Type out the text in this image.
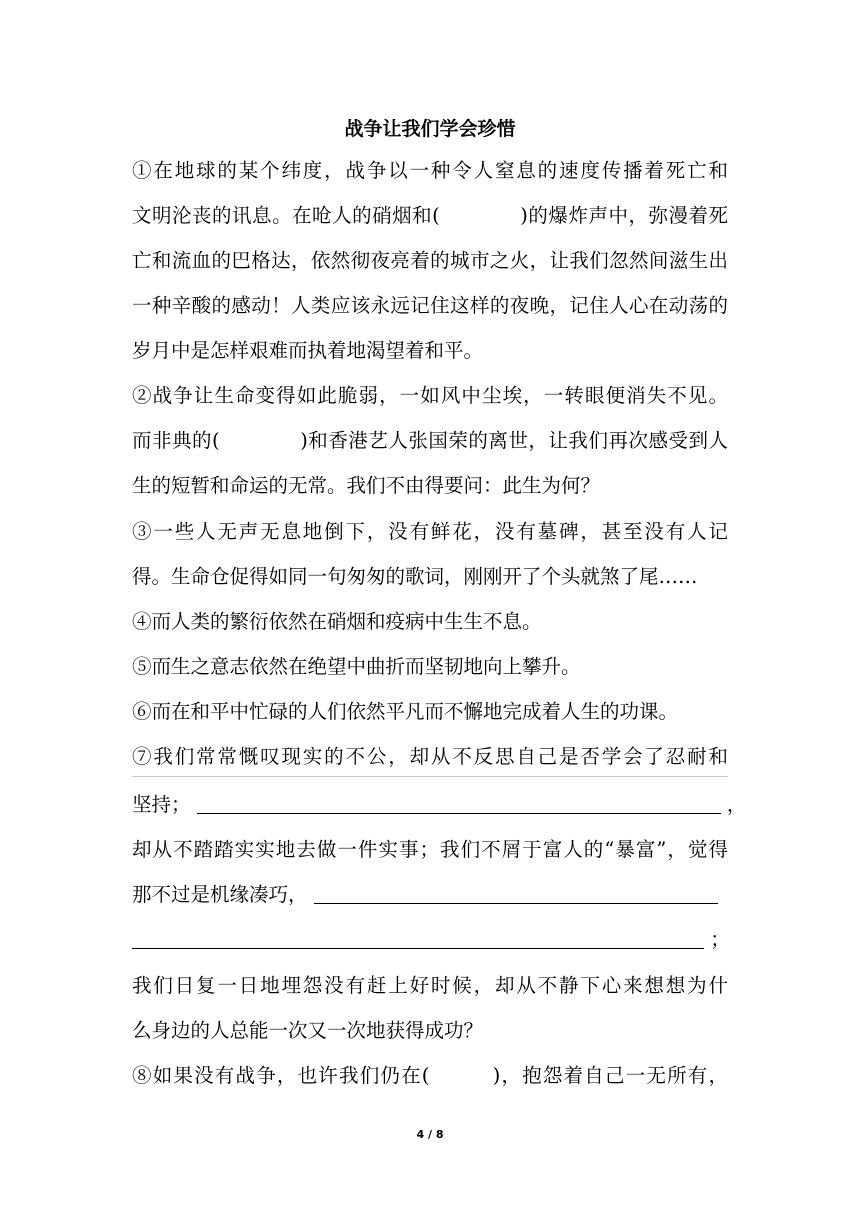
战争让我们学会珍惜
①在地球的某个纬度，战争以一种令人窒息的速度传播着死亡和
文明沦丧的讯息。在呛人的硝烟和(　　　　)的爆炸声中，弥漫着死
亡和流血的巴格达，依然彻夜亮着的城市之火，让我们忽然间滋生出
一种辛酸的感动！人类应该永远记住这样的夜晚，记住人心在动荡的
岁月中是怎样艰难而执着地渴望着和平。
②战争让生命变得如此脆弱，一如风中尘埃，一转眼便消失不见。
而非典的(　　　　)和香港艺人张国荣的离世，让我们再次感受到人
生的短暂和命运的无常。我们不由得要问：此生为何？
③一些人无声无息地倒下，没有鲜花，没有墓碑，甚至没有人记
得。生命仓促得如同一句匆匆的歌词，刚刚开了个头就煞了尾……
④而人类的繁衍依然在硝烟和疫病中生生不息。
⑤而生之意志依然在绝望中曲折而坚韧地向上攀升。
⑥而在和平中忙碌的人们依然平凡而不懈地完成着人生的功课。
⑦我们常常慨叹现实的不公，却从不反思自己是否学会了忍耐和
坚持；	，
却从不踏踏实实地去做一件实事；我们不屑于富人的“暴富”，觉得
那不过是机缘凑巧，
；
我们日复一日地埋怨没有赶上好时候，却从不静下心来想想为什
么身边的人总能一次又一次地获得成功？
⑧如果没有战争，也许我们仍在(　　　)，抱怨着自己一无所有，
4 / 8
